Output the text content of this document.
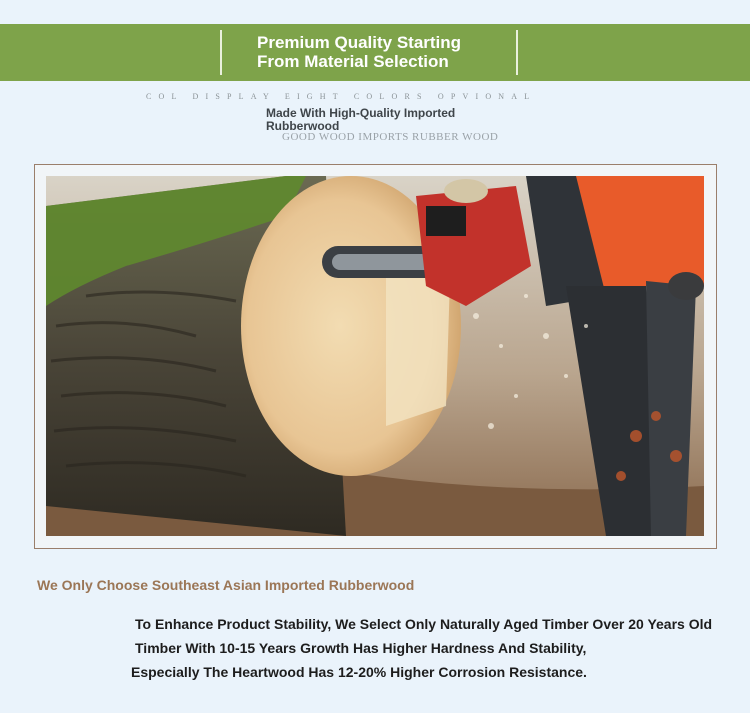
Premium Quality Starting
From Material Selection
COL DISPLAY EIGHT COLORS OPVIONAL
Made With High-Quality Imported Rubberwood
GOOD WOOD IMPORTS RUBBER WOOD
We Only Choose Southeast Asian Imported Rubberwood
To Enhance Product Stability, We Select Only Naturally Aged Timber Over 20 Years Old
Timber With 10-15 Years Growth Has Higher Hardness And Stability,
Especially The Heartwood Has 12-20% Higher Corrosion Resistance.
